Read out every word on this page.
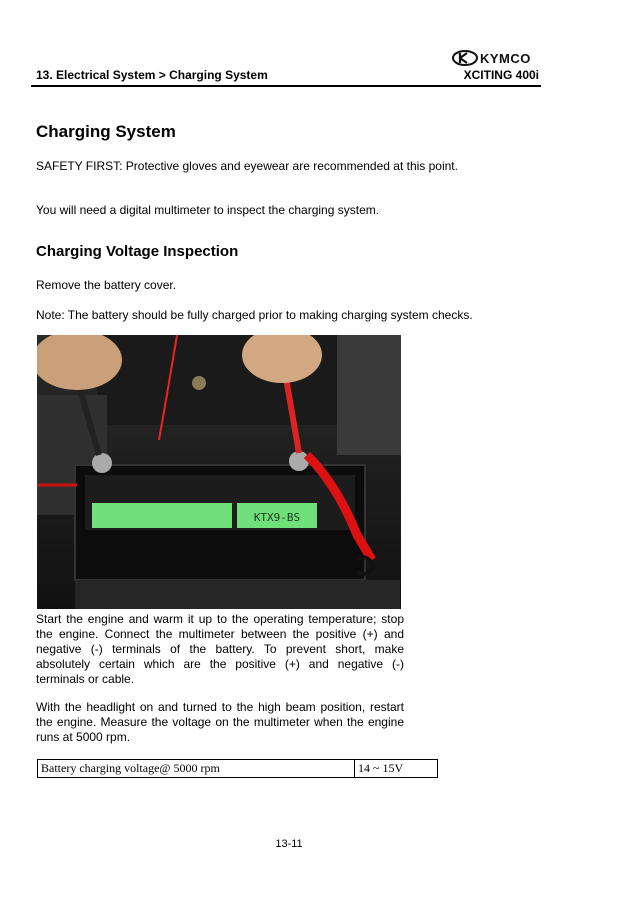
KYMCO
13. Electrical System > Charging System	XCITING 400i
Charging System

SAFETY FIRST: Protective gloves and eyewear are recommended at this point.

You will need a digital multimeter to inspect the charging system.

Charging Voltage Inspection

Remove the battery cover.

Note: The battery should be fully charged prior to making charging system checks.

KTX9-BS

Start the engine and warm it up to the operating temperature; stop the engine. Connect the multimeter between the positive (+) and negative (-) terminals of the battery. To prevent short, make absolutely certain which are the positive (+) and negative (-) terminals or cable.

With the headlight on and turned to the high beam position, restart the engine. Measure the voltage on the multimeter when the engine runs at 5000 rpm.

Battery charging voltage@ 5000 rpm	14 ~ 15V
13-11
